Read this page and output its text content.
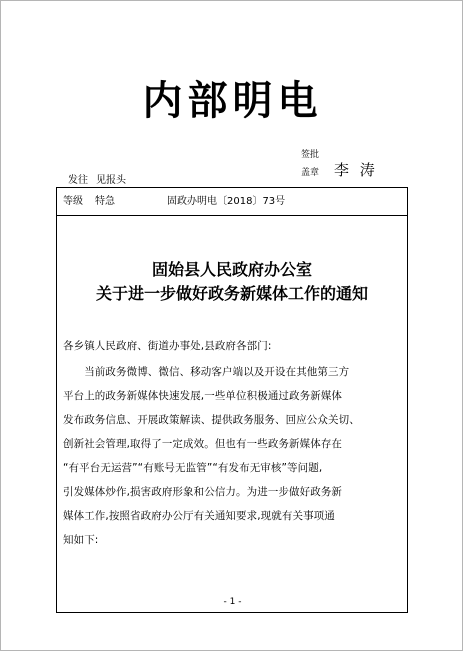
内部明电
签批
盖章 李 涛
发往 见报头
等级 特急	固政办明电〔2018〕73号
固始县人民政府办公室
关于进一步做好政务新媒体工作的通知
各乡镇人民政府、街道办事处,县政府各部门:
　　当前政务微博、微信、移动客户端以及开设在其他第三方
平台上的政务新媒体快速发展,一些单位积极通过政务新媒体
发布政务信息、开展政策解读、提供政务服务、回应公众关切、
创新社会管理,取得了一定成效。但也有一些政务新媒体存在
“有平台无运营”“有账号无监管”“有发布无审核”等问题,
引发媒体炒作,损害政府形象和公信力。为进一步做好政务新
媒体工作,按照省政府办公厅有关通知要求,现就有关事项通
知如下:
- 1 -
